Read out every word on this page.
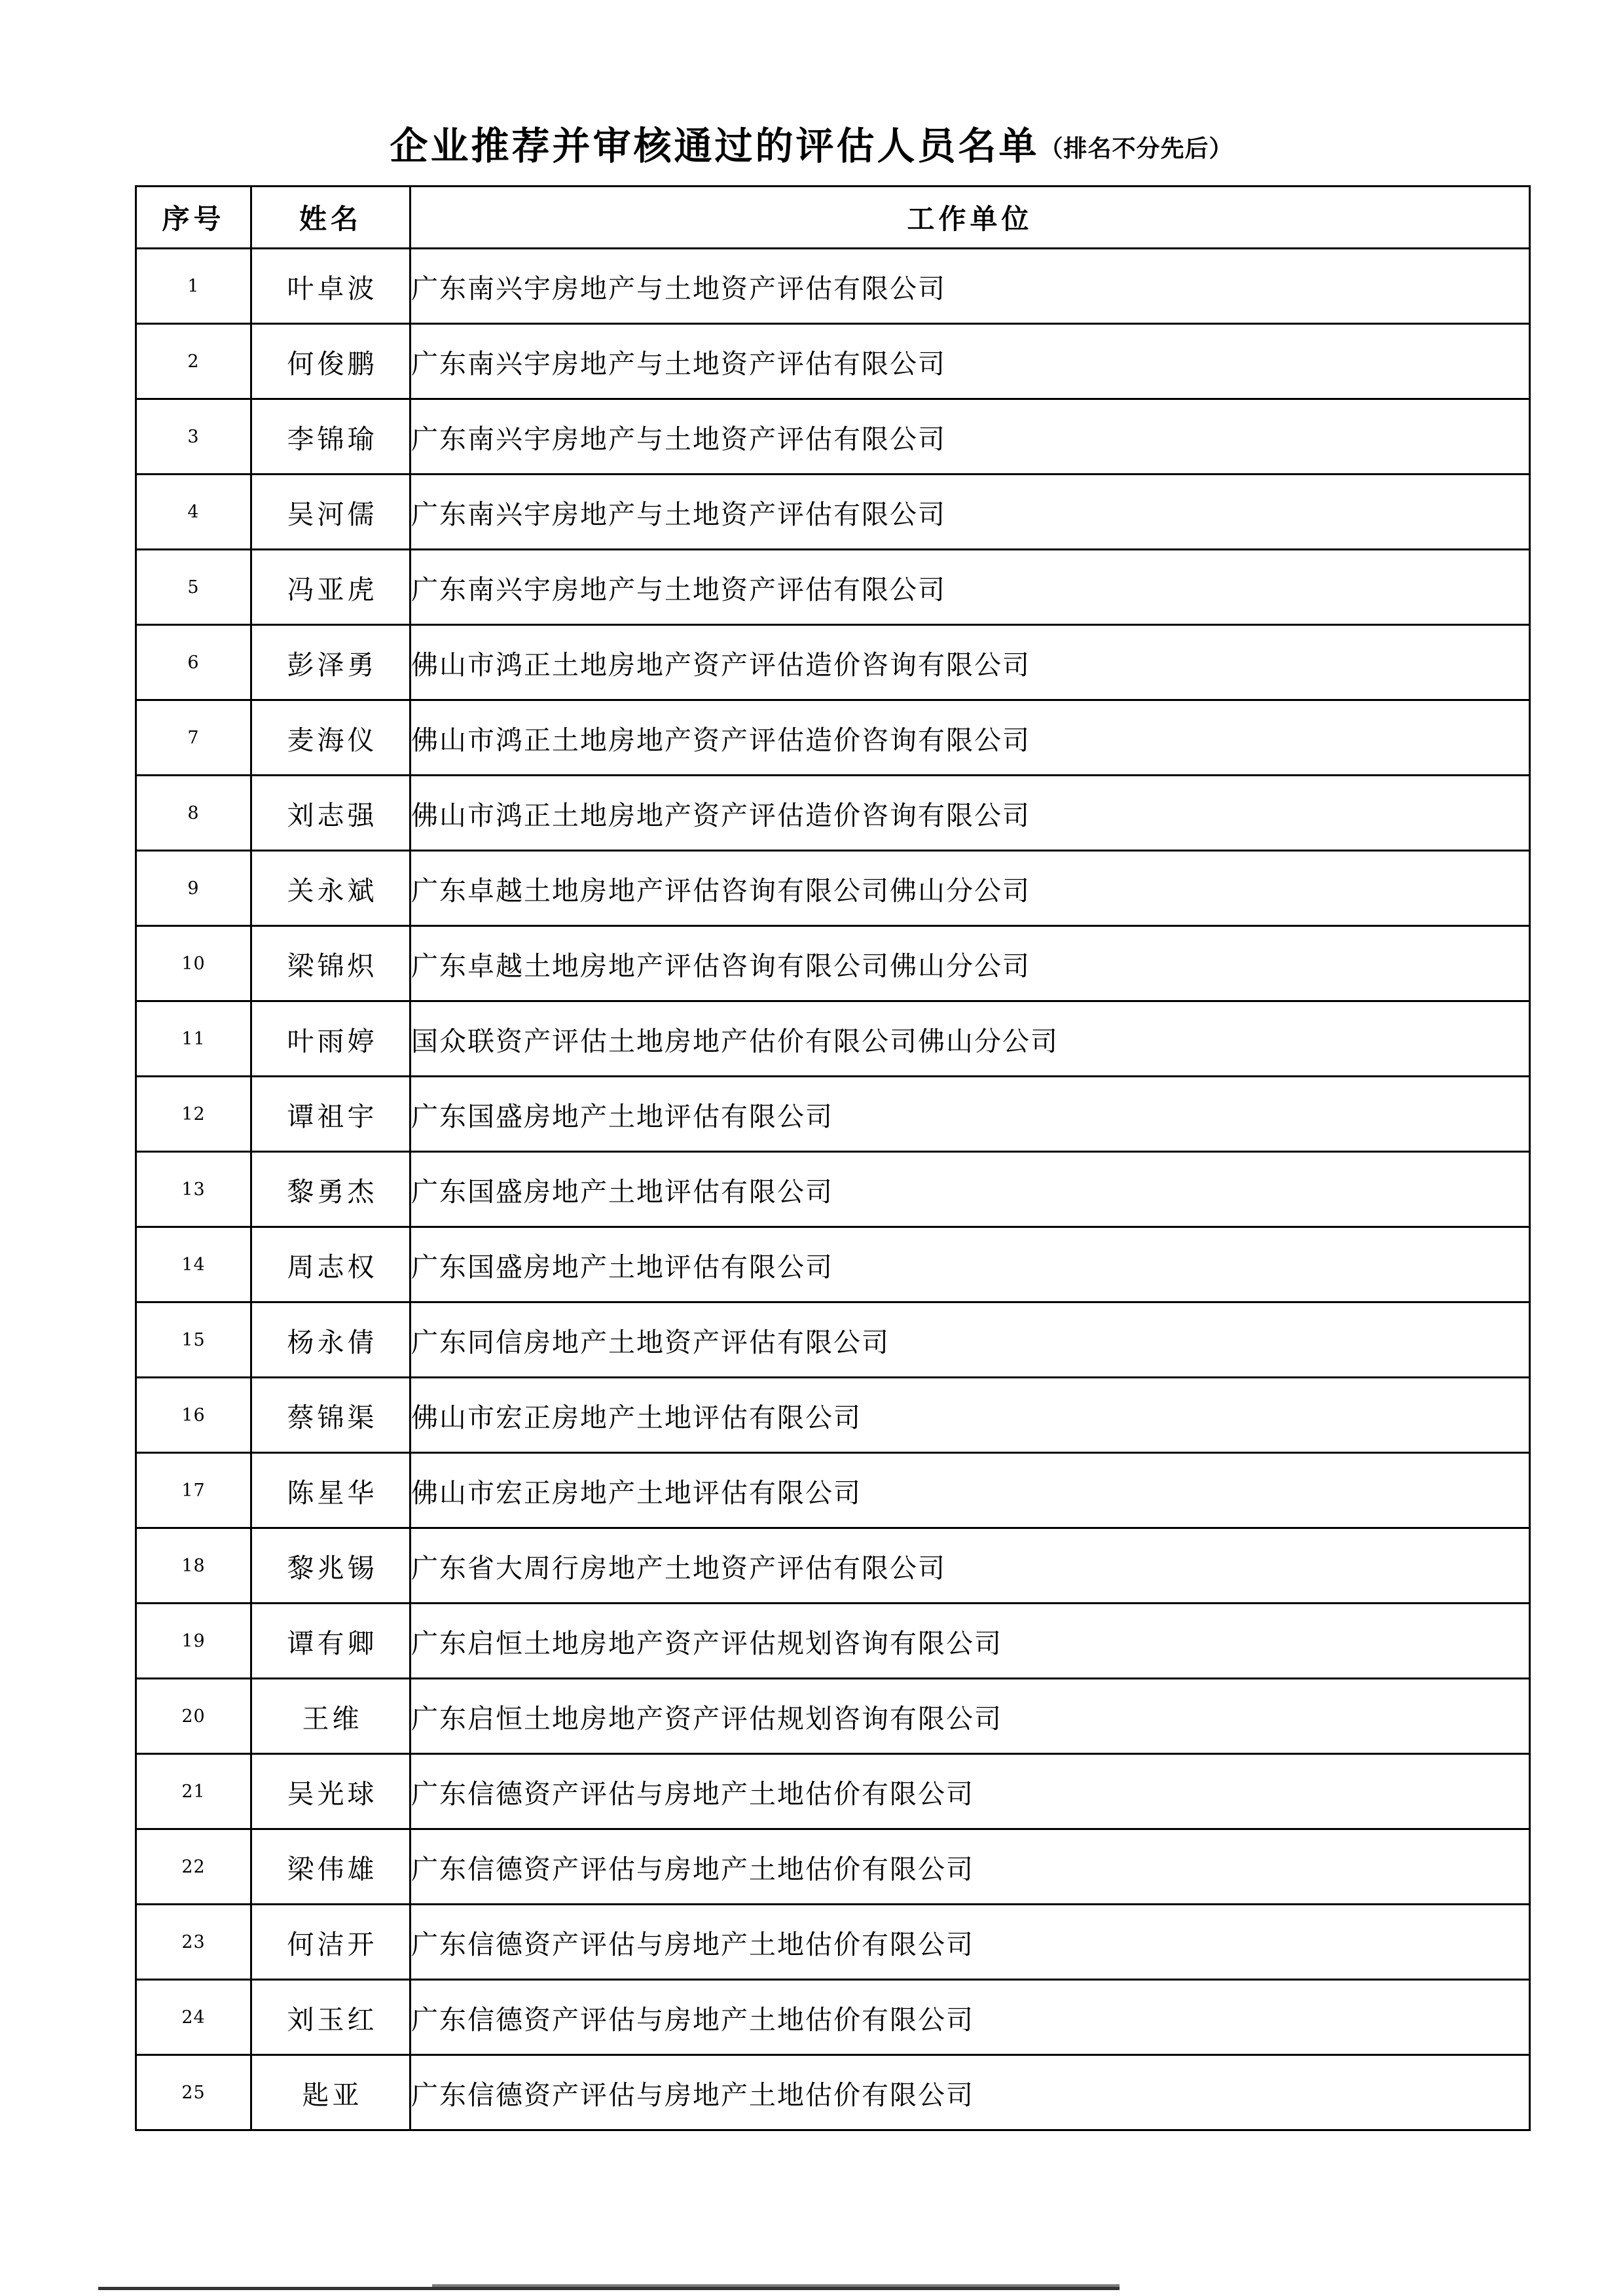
企业推荐并审核通过的评估人员名单（排名不分先后）
序号	姓名	工作单位
1	叶卓波	广东南兴宇房地产与土地资产评估有限公司
2	何俊鹏	广东南兴宇房地产与土地资产评估有限公司
3	李锦瑜	广东南兴宇房地产与土地资产评估有限公司
4	吴河儒	广东南兴宇房地产与土地资产评估有限公司
5	冯亚虎	广东南兴宇房地产与土地资产评估有限公司
6	彭泽勇	佛山市鸿正土地房地产资产评估造价咨询有限公司
7	麦海仪	佛山市鸿正土地房地产资产评估造价咨询有限公司
8	刘志强	佛山市鸿正土地房地产资产评估造价咨询有限公司
9	关永斌	广东卓越土地房地产评估咨询有限公司佛山分公司
10	梁锦炽	广东卓越土地房地产评估咨询有限公司佛山分公司
11	叶雨婷	国众联资产评估土地房地产估价有限公司佛山分公司
12	谭祖宇	广东国盛房地产土地评估有限公司
13	黎勇杰	广东国盛房地产土地评估有限公司
14	周志权	广东国盛房地产土地评估有限公司
15	杨永倩	广东同信房地产土地资产评估有限公司
16	蔡锦渠	佛山市宏正房地产土地评估有限公司
17	陈星华	佛山市宏正房地产土地评估有限公司
18	黎兆锡	广东省大周行房地产土地资产评估有限公司
19	谭有卿	广东启恒土地房地产资产评估规划咨询有限公司
20	王维	广东启恒土地房地产资产评估规划咨询有限公司
21	吴光球	广东信德资产评估与房地产土地估价有限公司
22	梁伟雄	广东信德资产评估与房地产土地估价有限公司
23	何洁开	广东信德资产评估与房地产土地估价有限公司
24	刘玉红	广东信德资产评估与房地产土地估价有限公司
25	匙亚	广东信德资产评估与房地产土地估价有限公司
